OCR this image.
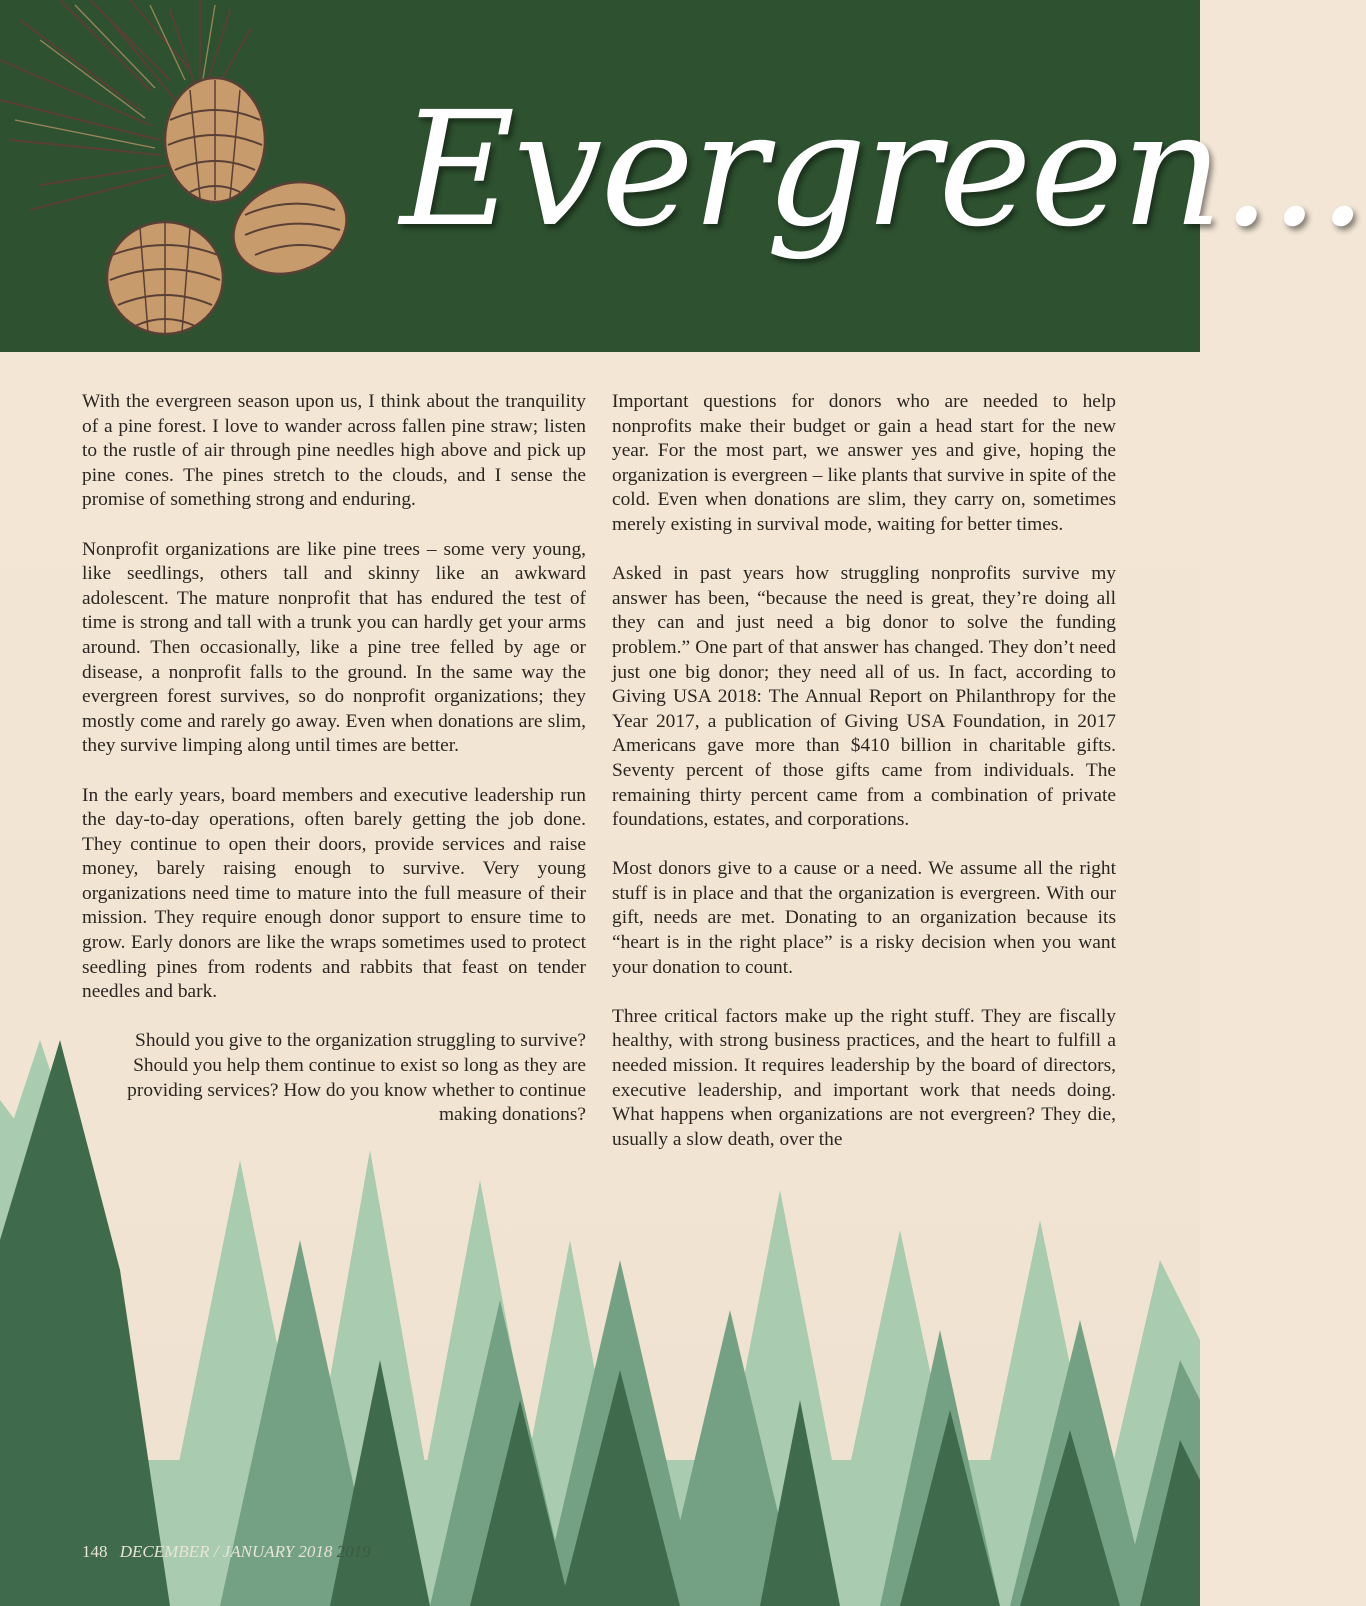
Evergreen...

With the evergreen season upon us, I think about the tranquility of a pine forest. I love to wander across fallen pine straw; listen to the rustle of air through pine needles high above and pick up pine cones. The pines stretch to the clouds, and I sense the promise of something strong and enduring.

Nonprofit organizations are like pine trees – some very young, like seedlings, others tall and skinny like an awkward adolescent. The mature nonprofit that has endured the test of time is strong and tall with a trunk you can hardly get your arms around. Then occasionally, like a pine tree felled by age or disease, a nonprofit falls to the ground. In the same way the evergreen forest survives, so do nonprofit organizations; they mostly come and rarely go away. Even when donations are slim, they survive limping along until times are better.

In the early years, board members and executive leadership run the day-to-day operations, often barely getting the job done. They continue to open their doors, provide services and raise money, barely raising enough to survive. Very young organizations need time to mature into the full measure of their mission. They require enough donor support to ensure time to grow. Early donors are like the wraps sometimes used to protect seedling pines from rodents and rabbits that feast on tender needles and bark.

Should you give to the organization struggling to survive? Should you help them continue to exist so long as they are providing services? How do you know whether to continue making donations?

Important questions for donors who are needed to help nonprofits make their budget or gain a head start for the new year. For the most part, we answer yes and give, hoping the organization is evergreen – like plants that survive in spite of the cold. Even when donations are slim, they carry on, sometimes merely existing in survival mode, waiting for better times.

Asked in past years how struggling nonprofits survive my answer has been, “because the need is great, they’re doing all they can and just need a big donor to solve the funding problem.” One part of that answer has changed. They don’t need just one big donor; they need all of us. In fact, according to Giving USA 2018: The Annual Report on Philanthropy for the Year 2017, a publication of Giving USA Foundation, in 2017 Americans gave more than $410 billion in charitable gifts. Seventy percent of those gifts came from individuals. The remaining thirty percent came from a combination of private foundations, estates, and corporations.

Most donors give to a cause or a need. We assume all the right stuff is in place and that the organization is evergreen. With our gift, needs are met. Donating to an organization because its “heart is in the right place” is a risky decision when you want your donation to count.

Three critical factors make up the right stuff. They are fiscally healthy, with strong business practices, and the heart to fulfill a needed mission. It requires leadership by the board of directors, executive leadership, and important work that needs doing. What happens when organizations are not evergreen? They die, usually a slow death, over the

148 DECEMBER / JANUARY 2018 2019
